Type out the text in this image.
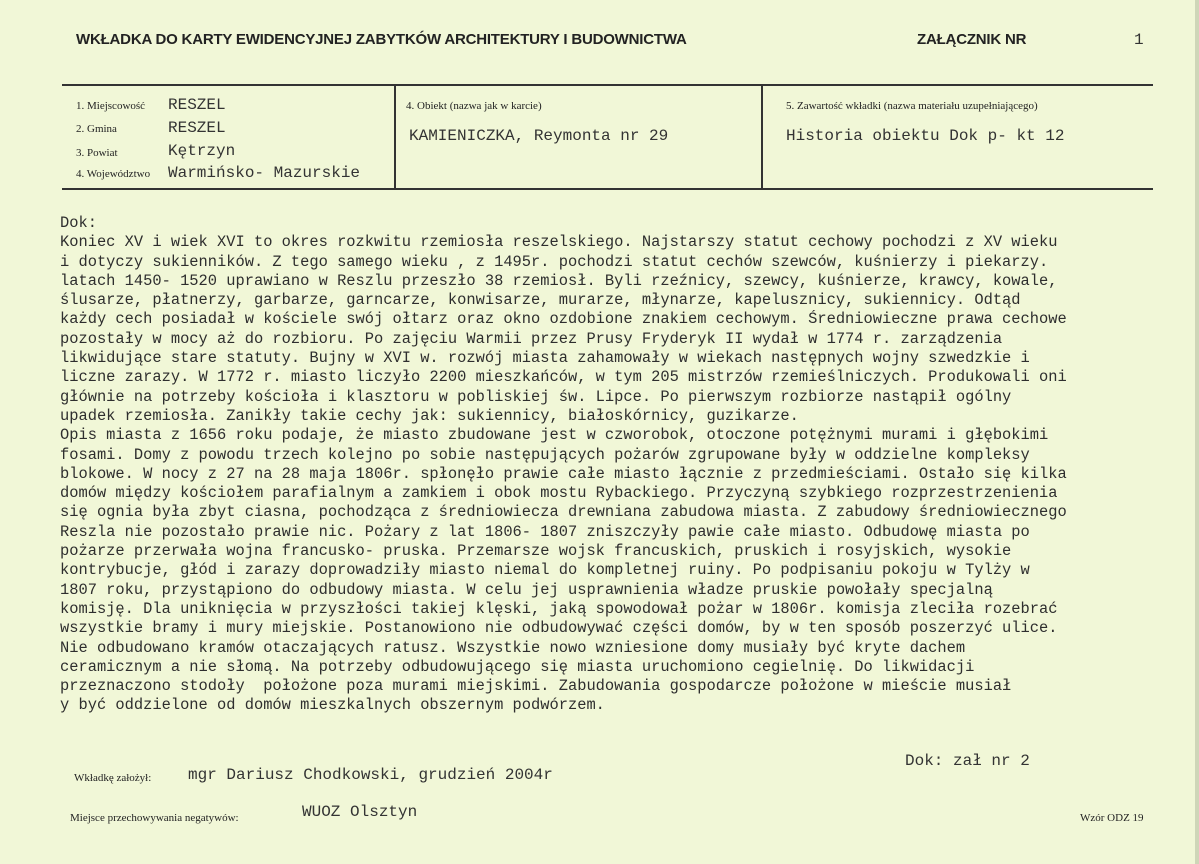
WKŁADKA DO KARTY EWIDENCYJNEJ ZABYTKÓW ARCHITEKTURY I BUDOWNICTWA	ZAŁĄCZNIK NR	1
1. Miejscowość RESZEL
2. Gmina	RESZEL
3. Powiat	Kętrzyn
4. Województwo Warmińsko- Mazurskie
4. Obiekt (nazwa jak w karcie)
KAMIENICZKA, Reymonta nr 29
5. Zawartość wkładki (nazwa materiału uzupełniającego)
Historia obiektu Dok p- kt 12
Dok:
Koniec XV i wiek XVI to okres rozkwitu rzemiosła reszelskiego. Najstarszy statut cechowy pochodzi z XV wieku
i dotyczy sukienników. Z tego samego wieku , z 1495r. pochodzi statut cechów szewców, kuśnierzy i piekarzy.
latach 1450- 1520 uprawiano w Reszlu przeszło 38 rzemiosł. Byli rzeźnicy, szewcy, kuśnierze, krawcy, kowale,
ślusarze, płatnerzy, garbarze, garncarze, konwisarze, murarze, młynarze, kapelusznicy, sukiennicy. Odtąd
każdy cech posiadał w kościele swój ołtarz oraz okno ozdobione znakiem cechowym. Średniowieczne prawa cechowe
pozostały w mocy aż do rozbioru. Po zajęciu Warmii przez Prusy Fryderyk II wydał w 1774 r. zarządzenia
likwidujące stare statuty. Bujny w XVI w. rozwój miasta zahamowały w wiekach następnych wojny szwedzkie i
liczne zarazy. W 1772 r. miasto liczyło 2200 mieszkańców, w tym 205 mistrzów rzemieślniczych. Produkowali oni
głównie na potrzeby kościoła i klasztoru w pobliskiej św. Lipce. Po pierwszym rozbiorze nastąpił ogólny
upadek rzemiosła. Zanikły takie cechy jak: sukiennicy, białoskórnicy, guzikarze.
Opis miasta z 1656 roku podaje, że miasto zbudowane jest w czworobok, otoczone potężnymi murami i głębokimi
fosami. Domy z powodu trzech kolejno po sobie następujących pożarów zgrupowane były w oddzielne kompleksy
blokowe. W nocy z 27 na 28 maja 1806r. spłonęło prawie całe miasto łącznie z przedmieściami. Ostało się kilka
domów między kościołem parafialnym a zamkiem i obok mostu Rybackiego. Przyczyną szybkiego rozprzestrzenienia
się ognia była zbyt ciasna, pochodząca z średniowiecza drewniana zabudowa miasta. Z zabudowy średniowiecznego
Reszla nie pozostało prawie nic. Pożary z lat 1806- 1807 zniszczyły pawie całe miasto. Odbudowę miasta po
pożarze przerwała wojna francusko- pruska. Przemarsze wojsk francuskich, pruskich i rosyjskich, wysokie
kontrybucje, głód i zarazy doprowadziły miasto niemal do kompletnej ruiny. Po podpisaniu pokoju w Tylży w
1807 roku, przystąpiono do odbudowy miasta. W celu jej usprawnienia władze pruskie powołały specjalną
komisję. Dla uniknięcia w przyszłości takiej klęski, jaką spowodował pożar w 1806r. komisja zleciła rozebrać
wszystkie bramy i mury miejskie. Postanowiono nie odbudowywać części domów, by w ten sposób poszerzyć ulice.
Nie odbudowano kramów otaczających ratusz. Wszystkie nowo wzniesione domy musiały być kryte dachem
ceramicznym a nie słomą. Na potrzeby odbudowującego się miasta uruchomiono cegielnię. Do likwidacji
przeznaczono stodoły  położone poza murami miejskimi. Zabudowania gospodarcze położone w mieście musiał
y być oddzielone od domów mieszkalnych obszernym podwórzem.
Dok: zał nr 2
Wkładkę założył: mgr Dariusz Chodkowski, grudzień 2004r
Miejsce przechowywania negatywów:	WUOZ Olsztyn	Wzór ODZ 19
